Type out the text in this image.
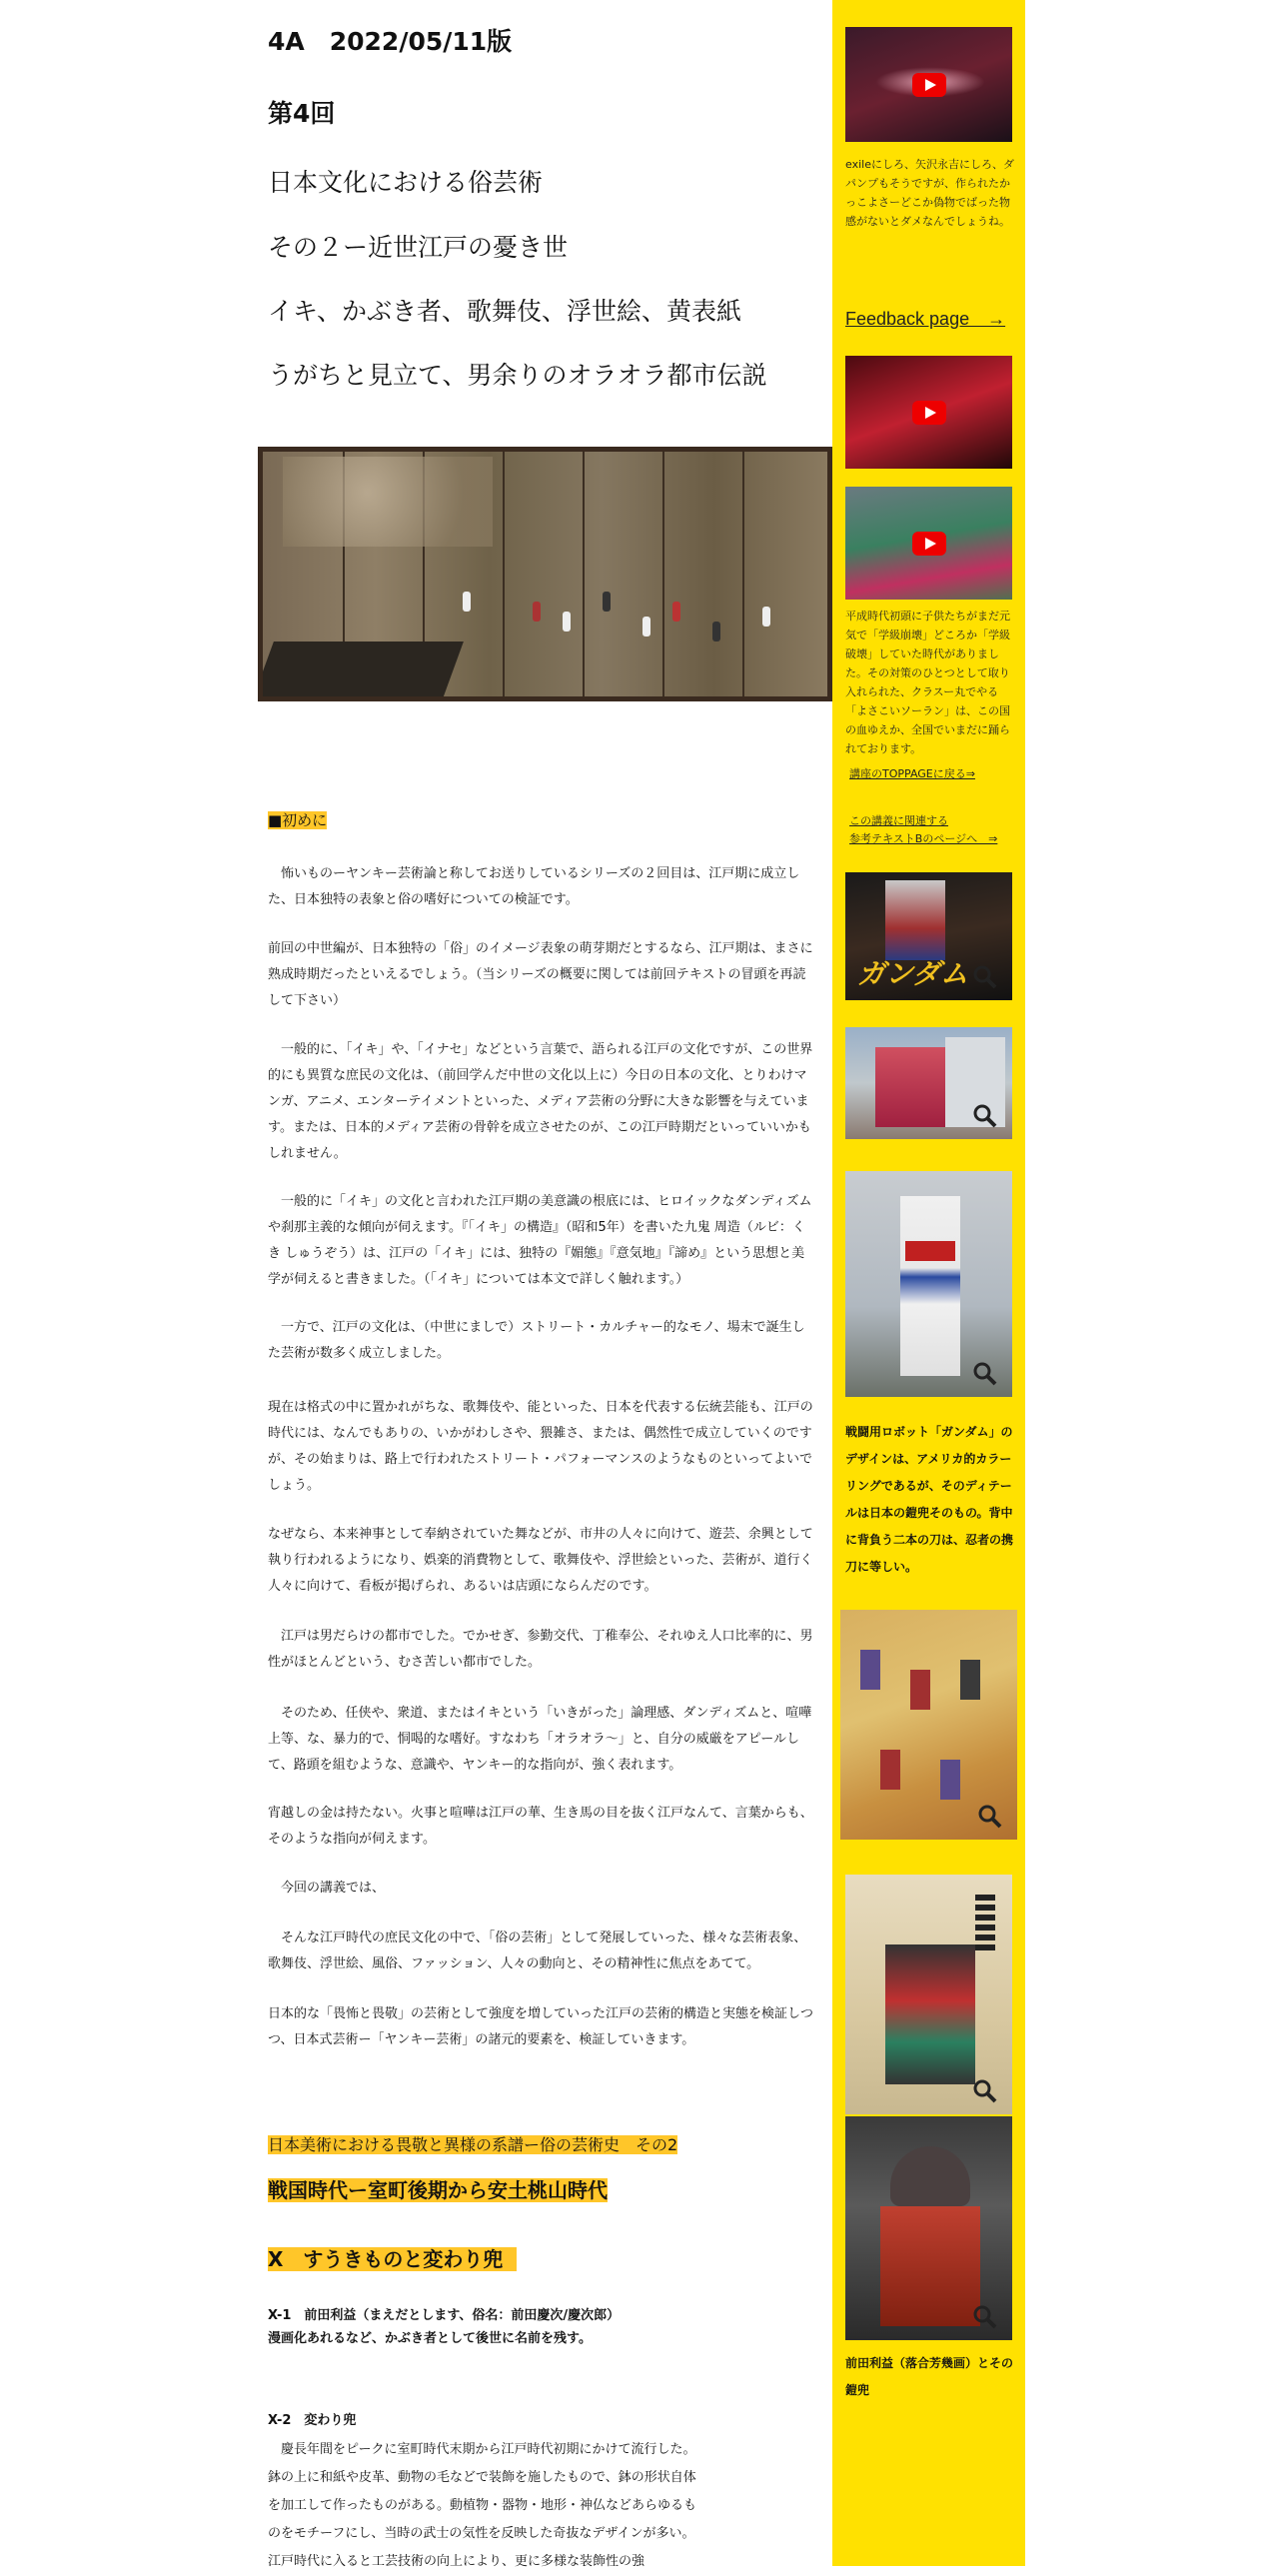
4A　2022/05/11版
第4回
日本文化における俗芸術
その２ー近世江戸の憂き世
イキ、かぶき者、歌舞伎、浮世絵、黄表紙
うがちと見立て、男余りのオラオラ都市伝説
■初めに

　怖いものーヤンキー芸術論と称してお送りしているシリーズの２回目は、江戸期に成立した、日本独特の表象と俗の嗜好についての検証です。

前回の中世編が、日本独特の「俗」のイメージ表象の萌芽期だとするなら、江戸期は、まさに熟成時期だったといえるでしょう。（当シリーズの概要に関しては前回テキストの冒頭を再読して下さい）

　一般的に、「イキ」や、「イナセ」などという言葉で、語られる江戸の文化ですが、この世界的にも異質な庶民の文化は、（前回学んだ中世の文化以上に）今日の日本の文化、とりわけマンガ、アニメ、エンターテイメントといった、メディア芸術の分野に大きな影響を与えています。または、日本的メディア芸術の骨幹を成立させたのが、この江戸時期だといっていいかもしれません。

　一般的に「イキ」の文化と言われた江戸期の美意識の根底には、ヒロイックなダンディズムや刹那主義的な傾向が伺えます。『「イキ」の構造』（昭和5年）を書いた九鬼 周造（ルビ：くき しゅうぞう）は、江戸の「イキ」には、独特の『媚態』『意気地』『諦め』という思想と美学が伺えると書きました。（「イキ」については本文で詳しく触れます。）

　一方で、江戸の文化は、（中世にましで）ストリート・カルチャー的なモノ、場末で誕生した芸術が数多く成立しました。

現在は格式の中に置かれがちな、歌舞伎や、能といった、日本を代表する伝統芸能も、江戸の時代には、なんでもありの、いかがわしさや、猥雑さ、または、偶然性で成立していくのですが、その始まりは、路上で行われたストリート・パフォーマンスのようなものといってよいでしょう。

なぜなら、本来神事として奉納されていた舞などが、市井の人々に向けて、遊芸、余興として執り行われるようになり、娯楽的消費物として、歌舞伎や、浮世絵といった、芸術が、道行く人々に向けて、看板が掲げられ、あるいは店頭にならんだのです。

　江戸は男だらけの都市でした。でかせぎ、参勤交代、丁稚奉公、それゆえ人口比率的に、男性がほとんどという、むさ苦しい都市でした。

　そのため、任侠や、衆道、またはイキという「いきがった」論理感、ダンディズムと、喧嘩上等、な、暴力的で、恫喝的な嗜好。すなわち「オラオラ〜」と、自分の威厳をアピールして、路頭を組むような、意識や、ヤンキー的な指向が、強く表れます。

宵越しの金は持たない。火事と喧嘩は江戸の華、生き馬の目を抜く江戸なんて、言葉からも、そのような指向が伺えます。

　今回の講義では、

　そんな江戸時代の庶民文化の中で、「俗の芸術」として発展していった、様々な芸術表象、歌舞伎、浮世絵、風俗、ファッション、人々の動向と、その精神性に焦点をあてて。

日本的な「畏怖と畏敬」の芸術として強度を増していった江戸の芸術的構造と実態を検証しつつ、日本式芸術ー「ヤンキー芸術」の諸元的要素を、検証していきます。

日本美術における畏敬と異様の系譜ー俗の芸術史　その2
戦国時代ー室町後期から安土桃山時代
X　すうきものと変わり兜
X-1　前田利益（まえだとします、俗名：前田慶次/慶次郎）
漫画化あれるなど、かぶき者として後世に名前を残す。
X-2　変わり兜

　慶長年間をピークに室町時代末期から江戸時代初期にかけて流行した。鉢の上に和紙や皮革、動物の毛などで装飾を施したもので、鉢の形状自体を加工して作ったものがある。動植物・器物・地形・神仏などあらゆるものをモチーフにし、当時の武士の気性を反映した奇抜なデザインが多い。江戸時代に入ると工芸技術の向上により、更に多様な装飾性の強

exileにしろ、矢沢永吉にしろ、ダパンプもそうですが、作られたかっこよさーどこか偽物でばった物感がないとダメなんでしょうね。

Feedback page　→

平成時代初頭に子供たちがまだ元気で「学級崩壊」どころか「学級破壊」していた時代がありました。その対策のひとつとして取り入れられた、クラスー丸でやる「よさこいソーラン」は、この国の血ゆえか、全国でいまだに踊られております。

講座のTOPPAGEに戻る⇒
この講義に関連する
参考テキストBのページへ　⇒
ガンダム

戦闘用ロボット「ガンダム」のデザインは、アメリカ的カラーリングであるが、そのディテールは日本の鎧兜そのもの。背中に背負う二本の刀は、忍者の携刀に等しい。

前田利益（落合芳幾画）とその鎧兜
